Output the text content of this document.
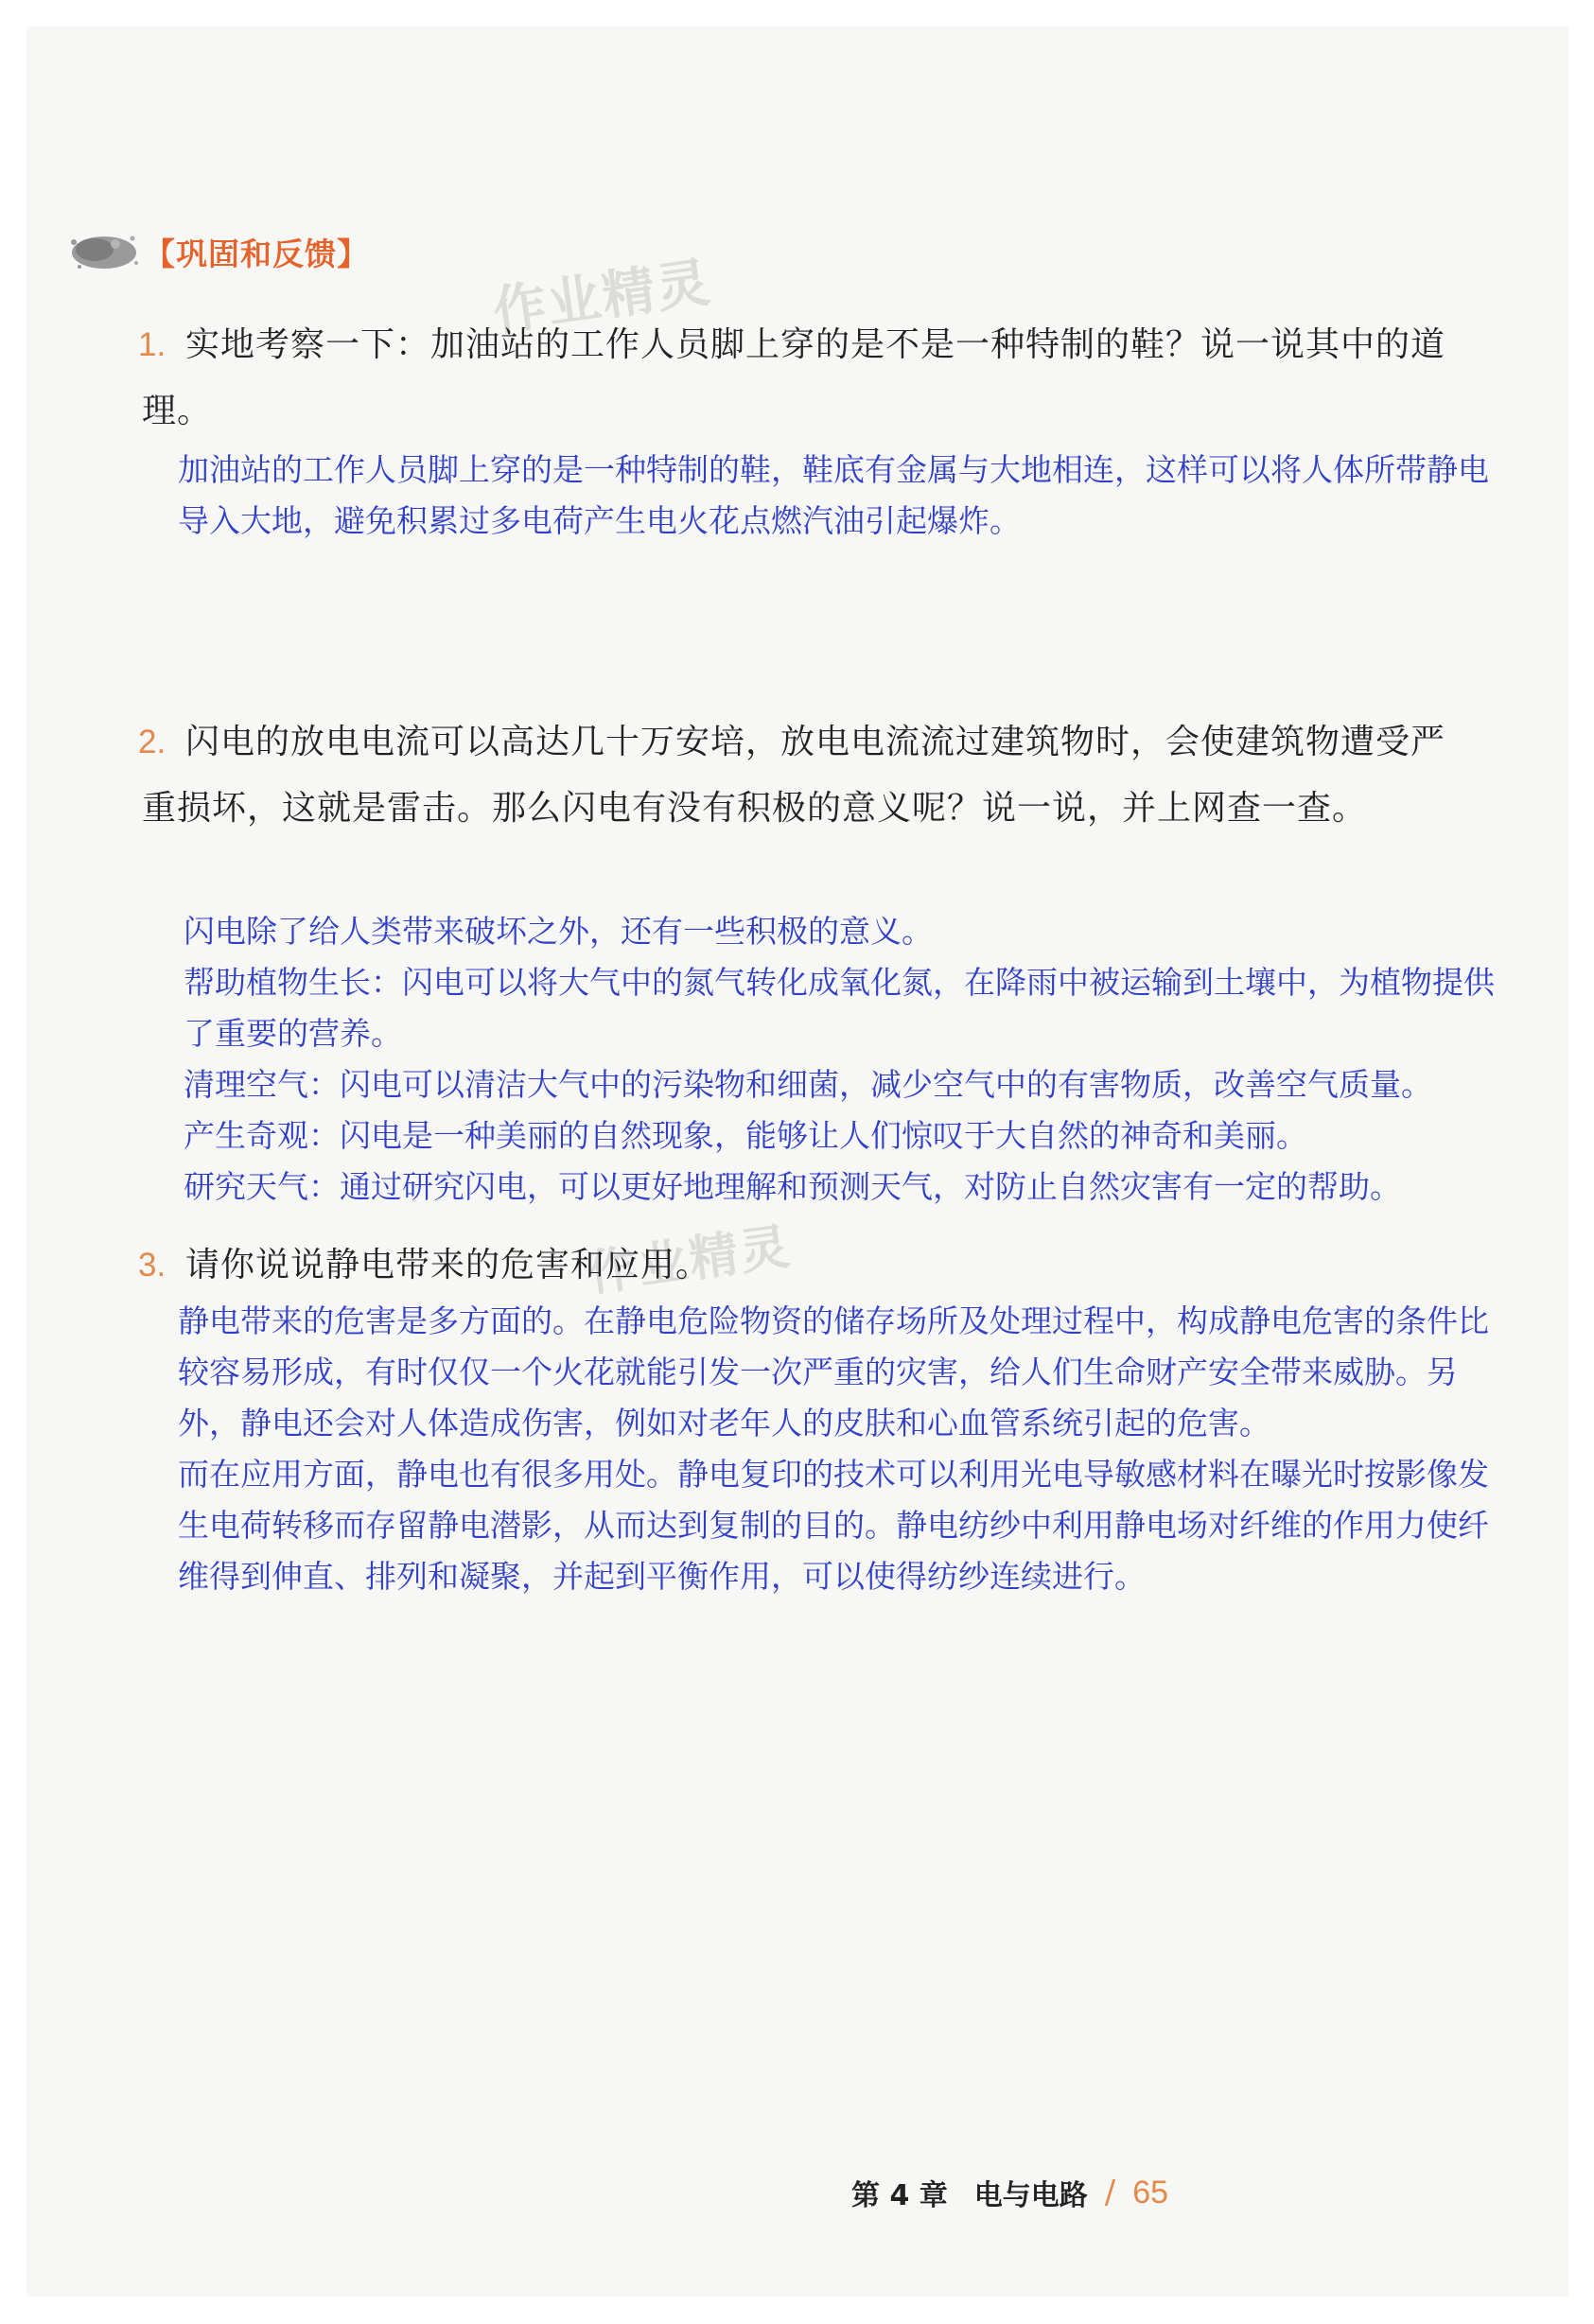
【巩固和反馈】 作业精灵
作业精灵
1. 实地考察一下：加油站的工作人员脚上穿的是不是一种特制的鞋？说一说其中的道理。

加油站的工作人员脚上穿的是一种特制的鞋，鞋底有金属与大地相连，这样可以将人体所带静电导入大地，避免积累过多电荷产生电火花点燃汽油引起爆炸。

2. 闪电的放电电流可以高达几十万安培，放电电流流过建筑物时，会使建筑物遭受严重损坏，这就是雷击。那么闪电有没有积极的意义呢？说一说，并上网查一查。

闪电除了给人类带来破坏之外，还有一些积极的意义。

帮助植物生长：闪电可以将大气中的氮气转化成氧化氮，在降雨中被运输到土壤中，为植物提供了重要的营养。

清理空气：闪电可以清洁大气中的污染物和细菌，减少空气中的有害物质，改善空气质量。

产生奇观：闪电是一种美丽的自然现象，能够让人们惊叹于大自然的神奇和美丽。

研究天气：通过研究闪电，可以更好地理解和预测天气，对防止自然灾害有一定的帮助。

3. 请你说说静电带来的危害和应用。

静电带来的危害是多方面的。在静电危险物资的储存场所及处理过程中，构成静电危害的条件比较容易形成，有时仅仅一个火花就能引发一次严重的灾害，给人们生命财产安全带来威胁。另外，静电还会对人体造成伤害，例如对老年人的皮肤和心血管系统引起的危害。

而在应用方面，静电也有很多用处。静电复印的技术可以利用光电导敏感材料在曝光时按影像发生电荷转移而存留静电潜影，从而达到复制的目的。静电纺纱中利用静电场对纤维的作用力使纤维得到伸直、排列和凝聚，并起到平衡作用，可以使得纺纱连续进行。

第 4 章 电与电路 / 65
